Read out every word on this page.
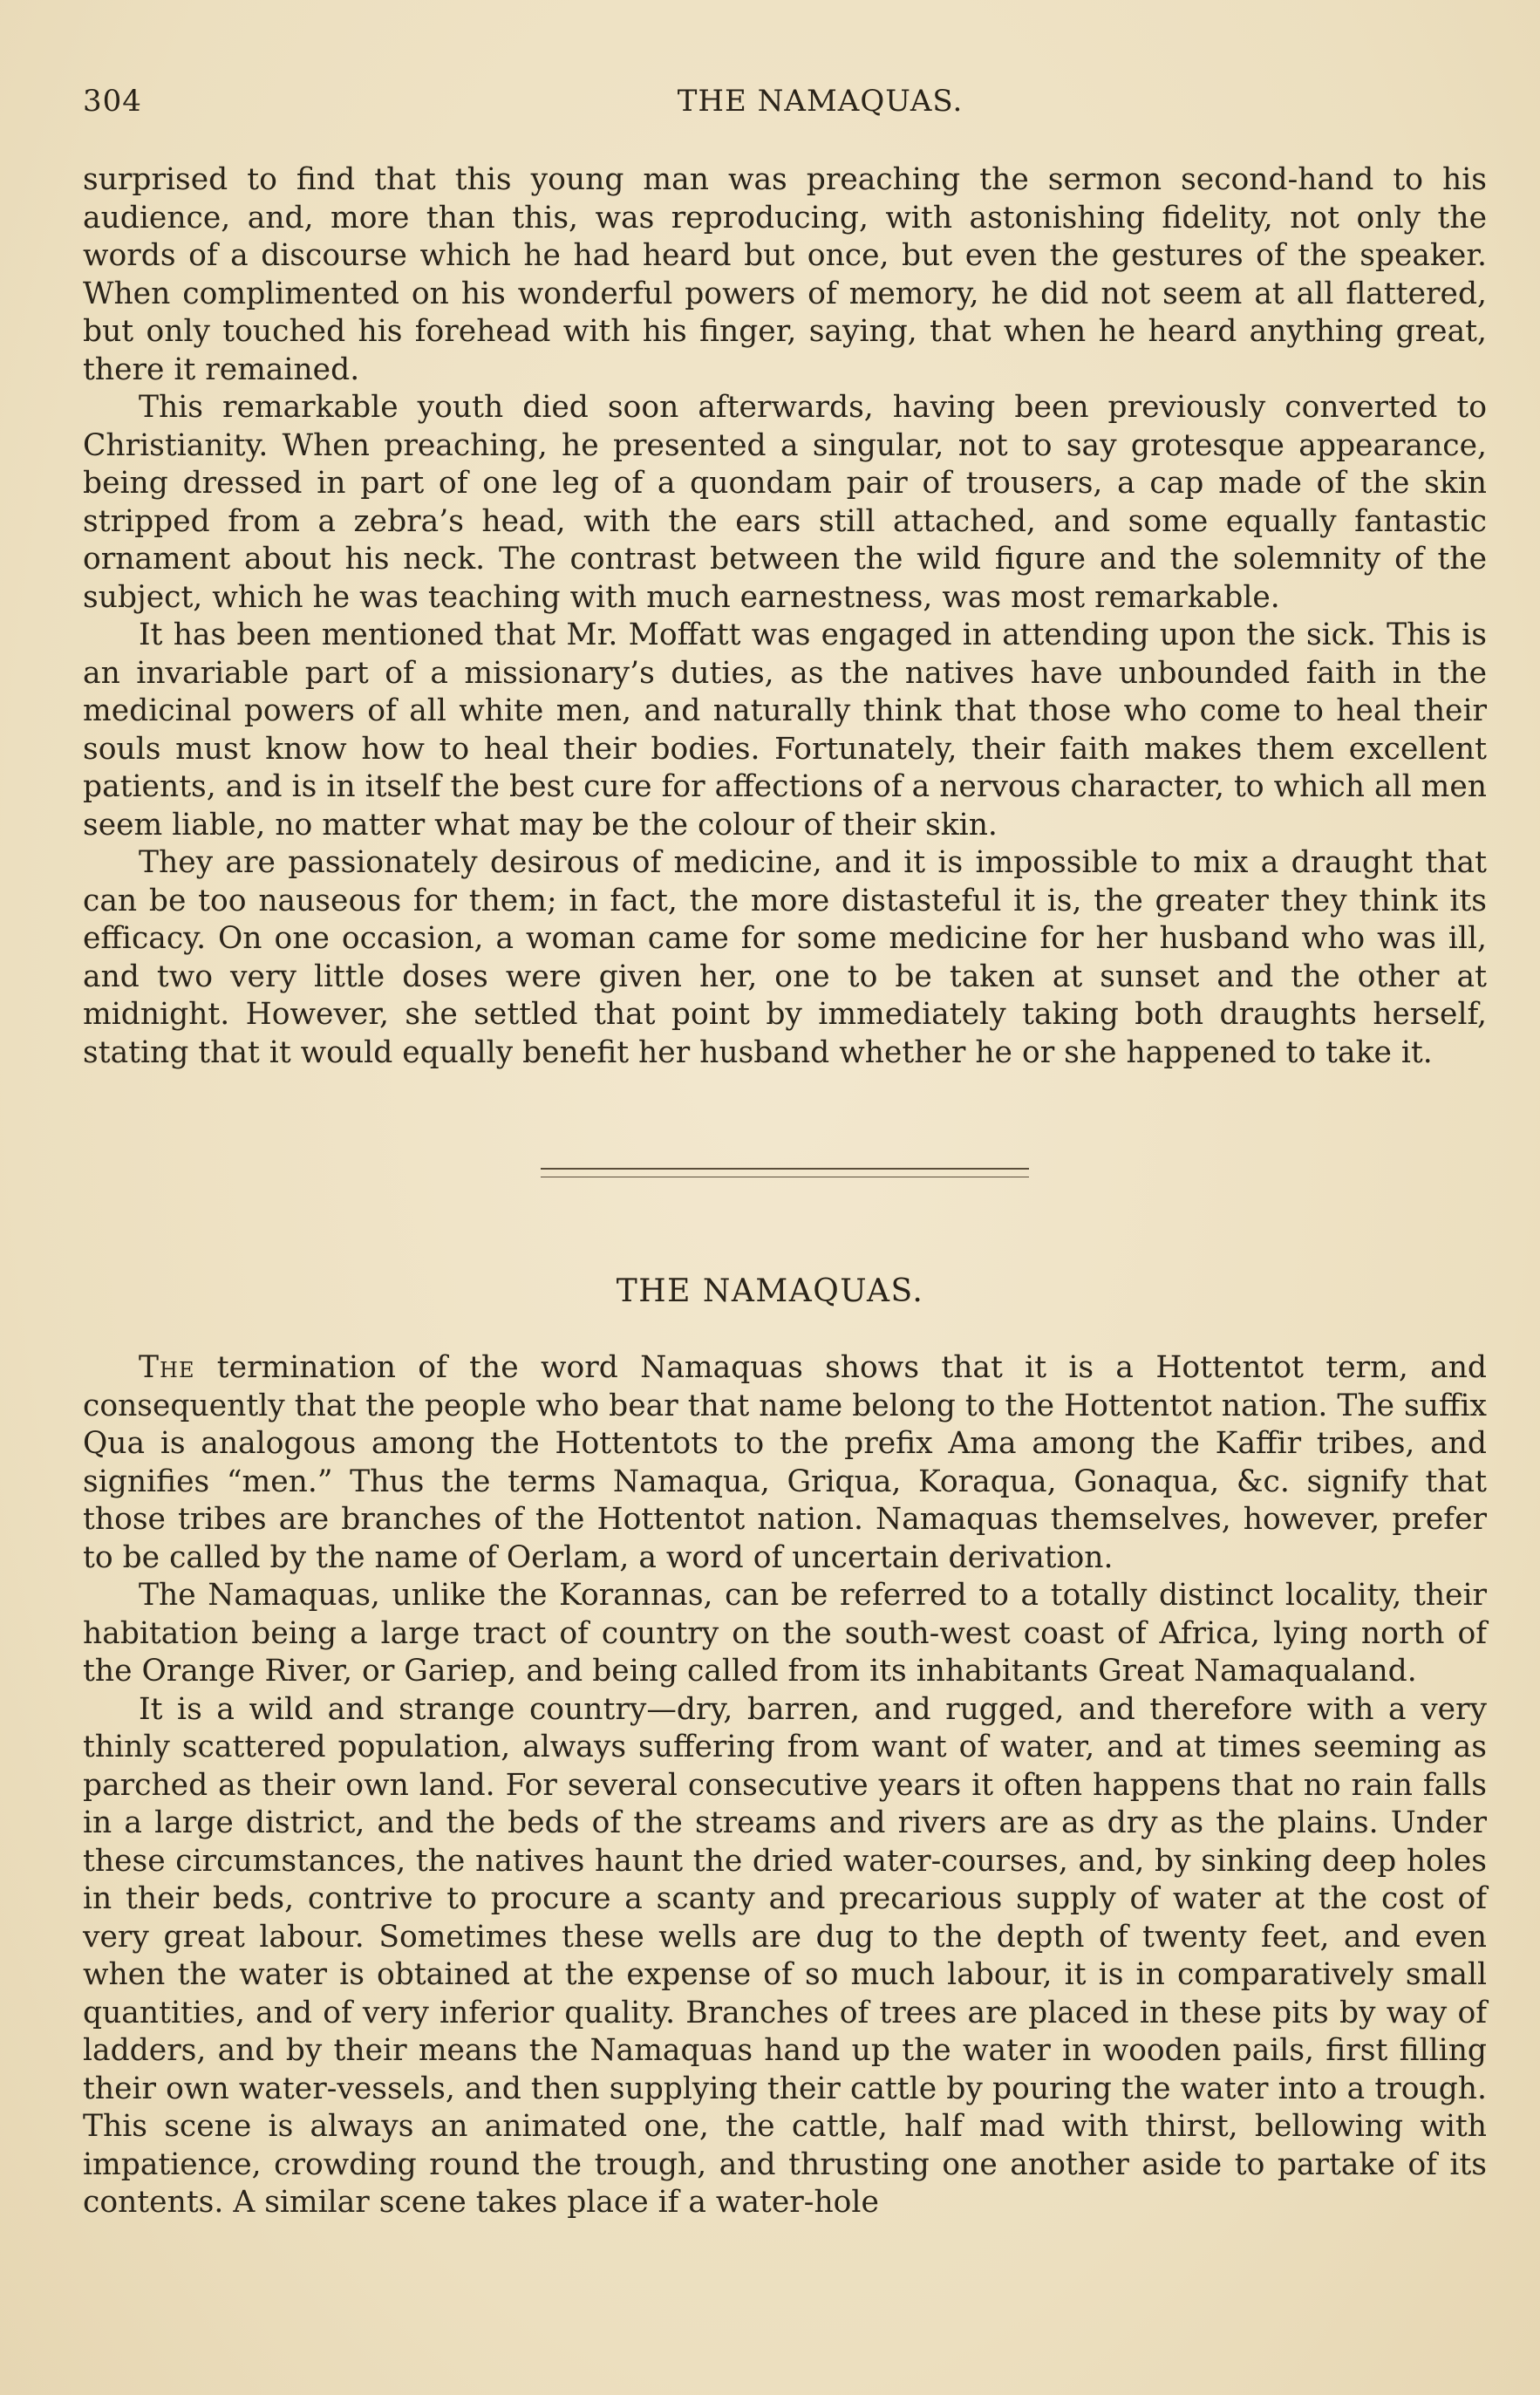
304	THE NAMAQUAS.

surprised to find that this young man was preaching the sermon second-hand to his audience, and, more than this, was reproducing, with astonishing fidelity, not only the words of a discourse which he had heard but once, but even the gestures of the speaker. When complimented on his wonderful powers of memory, he did not seem at all flattered, but only touched his forehead with his finger, saying, that when he heard anything great, there it remained.

This remarkable youth died soon afterwards, having been previously converted to Christianity. When preaching, he presented a singular, not to say grotesque appearance, being dressed in part of one leg of a quondam pair of trousers, a cap made of the skin stripped from a zebra’s head, with the ears still attached, and some equally fantastic ornament about his neck. The contrast between the wild figure and the solemnity of the subject, which he was teaching with much earnestness, was most remarkable.

It has been mentioned that Mr. Moffatt was engaged in attending upon the sick. This is an invariable part of a missionary’s duties, as the natives have unbounded faith in the medicinal powers of all white men, and naturally think that those who come to heal their souls must know how to heal their bodies. Fortunately, their faith makes them excellent patients, and is in itself the best cure for affections of a nervous character, to which all men seem liable, no matter what may be the colour of their skin.

They are passionately desirous of medicine, and it is impossible to mix a draught that can be too nauseous for them; in fact, the more distasteful it is, the greater they think its efficacy. On one occasion, a woman came for some medicine for her husband who was ill, and two very little doses were given her, one to be taken at sunset and the other at midnight. However, she settled that point by immediately taking both draughts herself, stating that it would equally benefit her husband whether he or she happened to take it.

THE NAMAQUAS.

The termination of the word Namaquas shows that it is a Hottentot term, and consequently that the people who bear that name belong to the Hottentot nation. The suffix Qua is analogous among the Hottentots to the prefix Ama among the Kaffir tribes, and signifies “men.” Thus the terms Namaqua, Griqua, Koraqua, Gonaqua, &c. signify that those tribes are branches of the Hottentot nation. Namaquas themselves, however, prefer to be called by the name of Oerlam, a word of uncertain derivation.

The Namaquas, unlike the Korannas, can be referred to a totally distinct locality, their habitation being a large tract of country on the south-west coast of Africa, lying north of the Orange River, or Gariep, and being called from its inhabitants Great Namaqualand.

It is a wild and strange country—dry, barren, and rugged, and therefore with a very thinly scattered population, always suffering from want of water, and at times seeming as parched as their own land. For several consecutive years it often happens that no rain falls in a large district, and the beds of the streams and rivers are as dry as the plains. Under these circumstances, the natives haunt the dried water-courses, and, by sinking deep holes in their beds, contrive to procure a scanty and precarious supply of water at the cost of very great labour. Sometimes these wells are dug to the depth of twenty feet, and even when the water is obtained at the expense of so much labour, it is in comparatively small quantities, and of very inferior quality. Branches of trees are placed in these pits by way of ladders, and by their means the Namaquas hand up the water in wooden pails, first filling their own water-vessels, and then supplying their cattle by pouring the water into a trough. This scene is always an animated one, the cattle, half mad with thirst, bellowing with impatience, crowding round the trough, and thrusting one another aside to partake of its contents. A similar scene takes place if a water-hole
